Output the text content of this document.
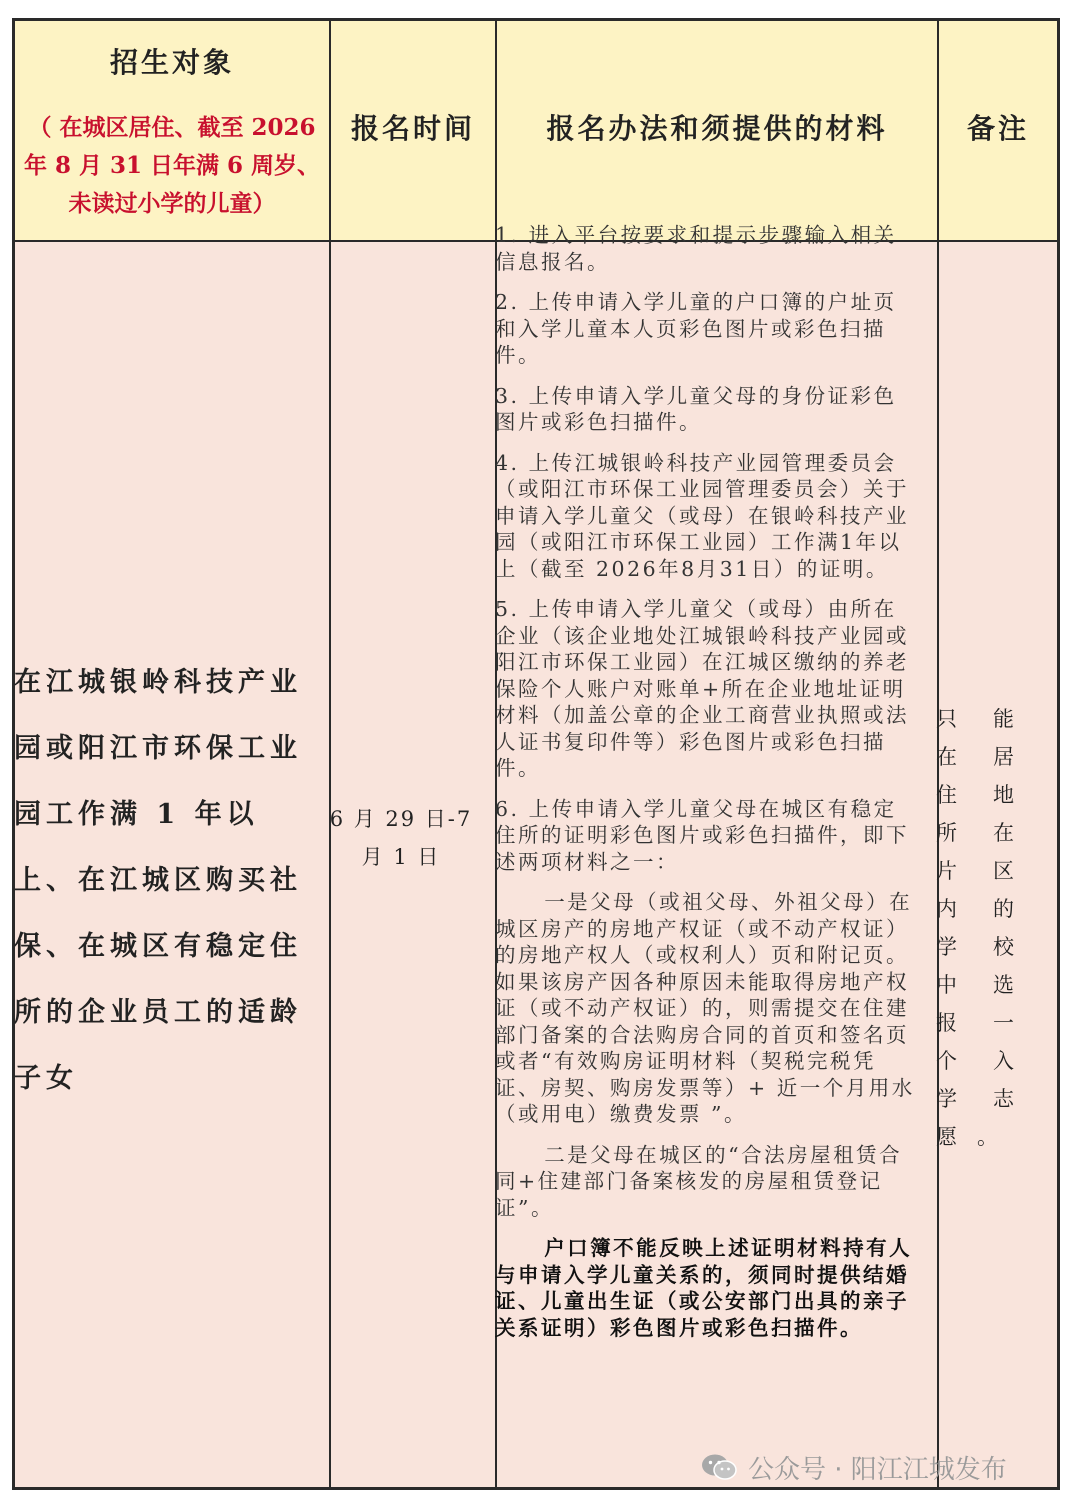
招生对象
（ 在城区居住、截至 2026
年 8 月 31 日年满 6 周岁、
未读过小学的儿童）
报名时间	报名办法和须提供的材料	备注
在江城银岭科技产业园或阳江市环保工业园工作满 1 年以上、在江城区购买社保、在城区有稳定住所的企业员工的适龄子女
6 月 29 日-7 月 1 日

1. 进入平台按要求和提示步骤输入相关信息报名。

2. 上传申请入学儿童的户口簿的户址页和入学儿童本人页彩色图片或彩色扫描件。

3. 上传申请入学儿童父母的身份证彩色图片或彩色扫描件。

4. 上传江城银岭科技产业园管理委员会（或阳江市环保工业园管理委员会）关于申请入学儿童父（或母）在银岭科技产业园（或阳江市环保工业园）工作满1年以上（截至 2026年8月31日）的证明。

5. 上传申请入学儿童父（或母）由所在企业（该企业地处江城银岭科技产业园或阳江市环保工业园）在江城区缴纳的养老保险个人账户对账单+所在企业地址证明材料（加盖公章的企业工商营业执照或法人证书复印件等）彩色图片或彩色扫描件。

6. 上传申请入学儿童父母在城区有稳定住所的证明彩色图片或彩色扫描件，即下述两项材料之一：

一是父母（或祖父母、外祖父母）在城区房产的房地产权证（或不动产权证）的房地产权人（或权利人）页和附记页。如果该房产因各种原因未能取得房地产权证（或不动产权证）的，则需提交在住建部门备案的合法购房合同的首页和签名页或者“有效购房证明材料（契税完税凭证、房契、购房发票等）+ 近一个月用水（或用电）缴费发票 ”。

二是父母在城区的“合法房屋租赁合同+住建部门备案核发的房屋租赁登记证”。

户口簿不能反映上述证明材料持有人与申请入学儿童关系的，须同时提供结婚证、儿童出生证（或公安部门出具的亲子关系证明）彩色图片或彩色扫描件。

只能在居住地所在片区内的学校中选报一个入学志愿。
公众号 · 阳江江城发布
